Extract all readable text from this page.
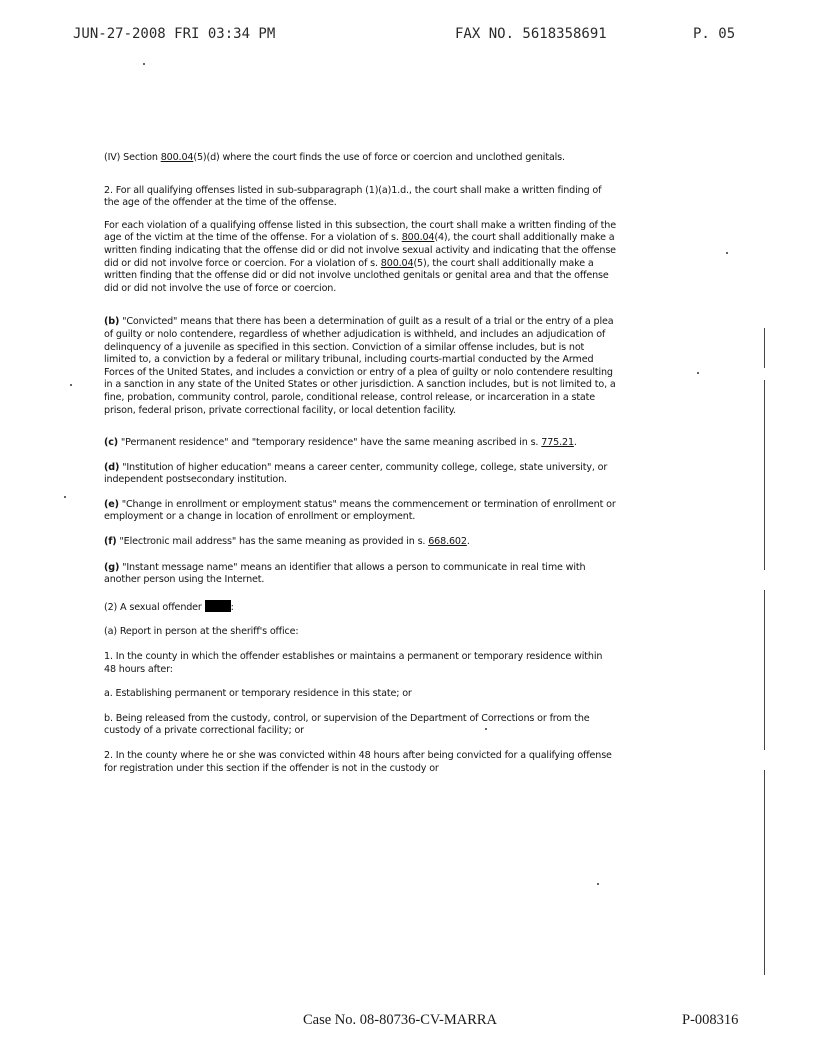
JUN-27-2008 FRI 03:34 PM	FAX NO. 5618358691	P. 05

(IV) Section 800.04(5)(d) where the court finds the use of force or coercion and unclothed genitals.

2. For all qualifying offenses listed in sub-subparagraph (1)(a)1.d., the court shall make a written finding of the age of the offender at the time of the offense.

For each violation of a qualifying offense listed in this subsection, the court shall make a written finding of the age of the victim at the time of the offense. For a violation of s. 800.04(4), the court shall additionally make a written finding indicating that the offense did or did not involve sexual activity and indicating that the offense did or did not involve force or coercion. For a violation of s. 800.04(5), the court shall additionally make a written finding that the offense did or did not involve unclothed genitals or genital area and that the offense did or did not involve the use of force or coercion.

(b) "Convicted" means that there has been a determination of guilt as a result of a trial or the entry of a plea of guilty or nolo contendere, regardless of whether adjudication is withheld, and includes an adjudication of delinquency of a juvenile as specified in this section. Conviction of a similar offense includes, but is not limited to, a conviction by a federal or military tribunal, including courts-martial conducted by the Armed Forces of the United States, and includes a conviction or entry of a plea of guilty or nolo contendere resulting in a sanction in any state of the United States or other jurisdiction. A sanction includes, but is not limited to, a fine, probation, community control, parole, conditional release, control release, or incarceration in a state prison, federal prison, private correctional facility, or local detention facility.

(c) "Permanent residence" and "temporary residence" have the same meaning ascribed in s. 775.21.

(d) "Institution of higher education" means a career center, community college, college, state university, or independent postsecondary institution.

(e) "Change in enrollment or employment status" means the commencement or termination of enrollment or employment or a change in location of enrollment or employment.

(f) "Electronic mail address" has the same meaning as provided in s. 668.602.

(g) "Instant message name" means an identifier that allows a person to communicate in real time with another person using the Internet.

(2) A sexual offender	:

(a) Report in person at the sheriff's office:

1. In the county in which the offender establishes or maintains a permanent or temporary residence within 48 hours after:

a. Establishing permanent or temporary residence in this state; or

b. Being released from the custody, control, or supervision of the Department of Corrections or from the custody of a private correctional facility; or

2. In the county where he or she was convicted within 48 hours after being convicted for a qualifying offense for registration under this section if the offender is not in the custody or

Case No. 08-80736-CV-MARRA	P-008316
